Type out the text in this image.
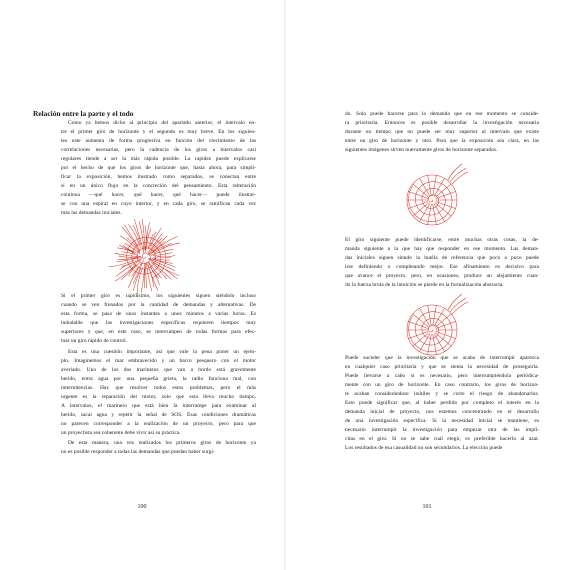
Relación entre la parte y el todo
Como ya hemos dicho al principio del apartado anterior, el intervalo en-
tre el primer giro de horizonte y el segundo es muy breve. En los siguien-
tes este aumenta de forma progresiva en función del crecimiento de las
correlaciones necesarias, pero la cadencia de los giros a intervalos casi
regulares tiende a ser la más rápida posible. La rapidez puede explicarse
por el hecho de que los giros de horizonte que, hasta ahora, para simpli-
ficar la exposición, hemos ilustrado como separados, se conectan entre
sí en un único flujo en la concreción del pensamiento. Esta reiteración
continua —qué hacer, qué hacer, qué hacer— puede ilustrar-
se con una espiral en cuyo interior, y en cada giro, se ramifican cada vez
más las demandas iniciales.
Si el primer giro es rapidísimo, los siguientes siguen siéndolo incluso
cuando se ven frenados por la cantidad de demandas y alternativas. De
esta forma, se pasa de unos instantes a unos minutos a varias horas. Es
indudable que las investigaciones específicas requieren tiempos muy
superiores y que, en este caso, se interrumpen de todas formas para efec-
tuar un giro rápido de control.
Esta es una cuestión importante, así que vale la pena poner un ejem-
plo. Imaginemos el mar embravecido y un barco pesquero con el motor
averiado. Uno de los dos marineros que van a bordo está gravemente
herido, entra agua por una pequeña grieta, la radio funciona mal, con
intermitencias. Hay que resolver todos estos problemas, pero el más
urgente es la reparación del motor, solo que esta lleva mucho tiempo.
A intervalos, el marinero que está bien la interrumpe para examinar al
herido, sacar agua y repetir la señal de SOS. Esas condiciones dramáticas
no parecen corresponder a la realización de un proyecto, pero para que
un proyectista sea coherente debe vivir así su práctica.
De esta manera, una vez realizados los primeros giros de horizonte ya
no es posible responder a todas las demandas que puedan haber surgi-
100
do. Solo puede hacerse para la demanda que en ese momento se conside-
ra prioritaria. Entonces es posible desarrollar la investigación necesaria
durante un tiempo que no puede ser muy superior al intervalo que existe
entre un giro de horizonte y otro. Para que la exposición sea clara, en las
siguientes imágenes sirven nuevamente giros de horizonte separados.
El giro siguiente puede identificarse, entre muchas otras cosas, la de-
manda siguiente a la que hay que responder en ese momento. Las deman-
das iniciales siguen siendo la huella de referencia que poco a poco puede
irse definiendo o completando mejor. Ese afinamiento es decisivo para
que avance el proyecto, pero, en ocasiones, produce un alejamiento cuan-
do la fuerza bruta de la intuición se pierde en la formalización abstracta.
Puede suceder que la investigación que se acaba de interrumpir aparezca
en cualquier caso prioritaria y que se sienta la necesidad de proseguirla.
Puede llevarse a cabo si es necesario, pero interrumpiéndola periódica-
mente con un giro de horizonte. En caso contrario, los giros de horizon-
te acaban considerándose inútiles y se corre el riesgo de abandonarlos.
Esto puede significar que, al haber perdido por completo el interés en la
demanda inicial de proyecto, nos estemos concentrando en el desarrollo
de una investigación específica. Si la necesidad inicial se mantiene, es
necesario interrumpir la investigación para empezar otra de las implí-
citas en el giro. Si no se sabe cuál elegir, es preferible hacerlo al azar.
Los resultados de esa casualidad no son secundarios. La elección puede
101
